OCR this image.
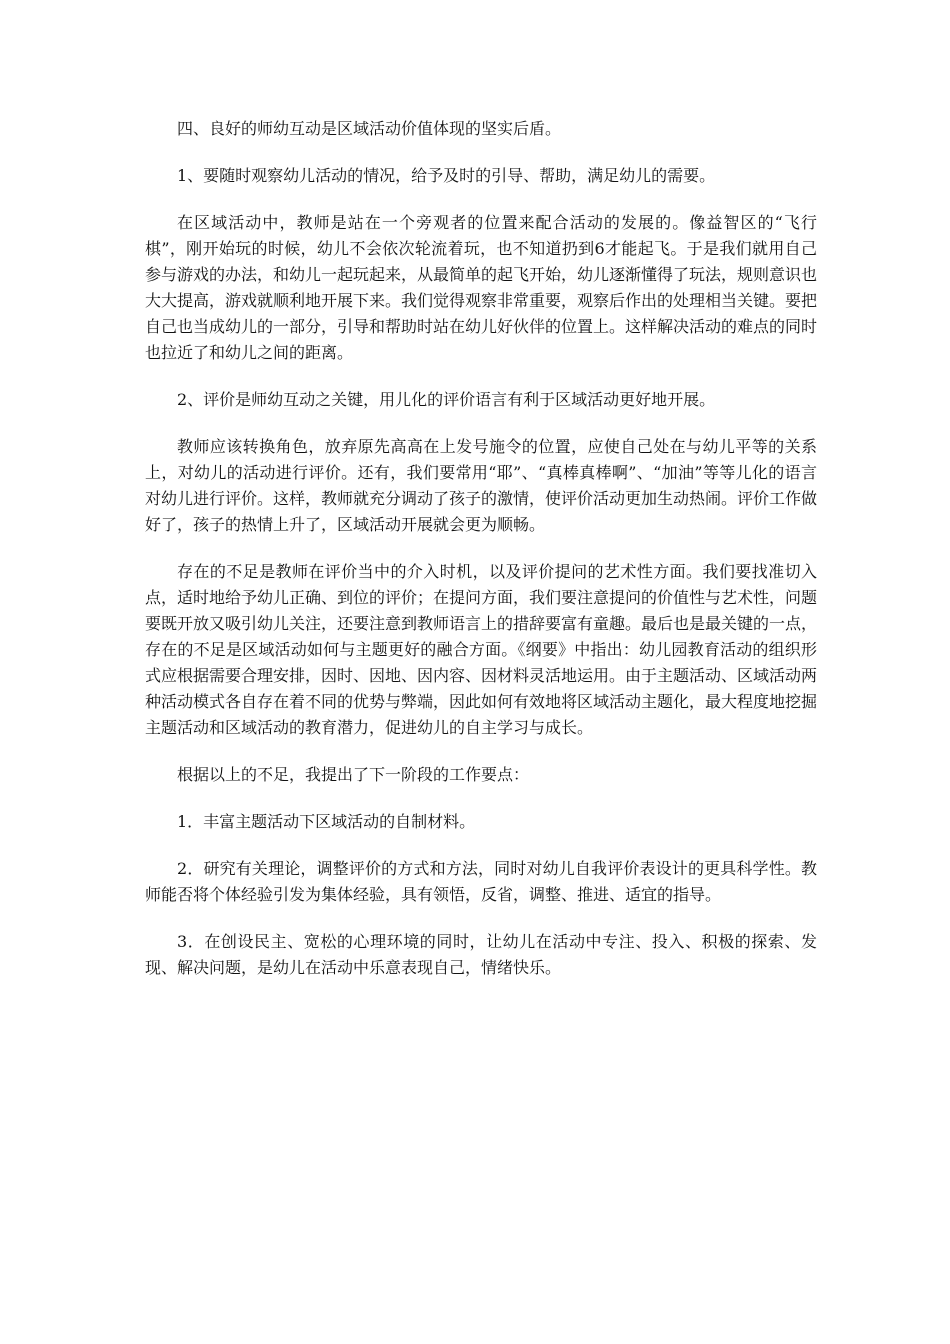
四、良好的师幼互动是区域活动价值体现的坚实后盾。

1、要随时观察幼儿活动的情况，给予及时的引导、帮助，满足幼儿的需要。

在区域活动中，教师是站在一个旁观者的位置来配合活动的发展的。像益智区的“飞行棋”，刚开始玩的时候，幼儿不会依次轮流着玩，也不知道扔到6才能起飞。于是我们就用自己参与游戏的办法，和幼儿一起玩起来，从最简单的起飞开始，幼儿逐渐懂得了玩法，规则意识也大大提高，游戏就顺利地开展下来。我们觉得观察非常重要，观察后作出的处理相当关键。要把自己也当成幼儿的一部分，引导和帮助时站在幼儿好伙伴的位置上。这样解决活动的难点的同时也拉近了和幼儿之间的距离。

2、评价是师幼互动之关键，用儿化的评价语言有利于区域活动更好地开展。

教师应该转换角色，放弃原先高高在上发号施令的位置，应使自己处在与幼儿平等的关系上，对幼儿的活动进行评价。还有，我们要常用“耶”、“真棒真棒啊”、“加油”等等儿化的语言对幼儿进行评价。这样，教师就充分调动了孩子的激情，使评价活动更加生动热闹。评价工作做好了，孩子的热情上升了，区域活动开展就会更为顺畅。

存在的不足是教师在评价当中的介入时机，以及评价提问的艺术性方面。我们要找准切入点，适时地给予幼儿正确、到位的评价；在提问方面，我们要注意提问的价值性与艺术性，问题要既开放又吸引幼儿关注，还要注意到教师语言上的措辞要富有童趣。最后也是最关键的一点，存在的不足是区域活动如何与主题更好的融合方面。《纲要》中指出：幼儿园教育活动的组织形式应根据需要合理安排，因时、因地、因内容、因材料灵活地运用。由于主题活动、区域活动两种活动模式各自存在着不同的优势与弊端，因此如何有效地将区域活动主题化，最大程度地挖掘主题活动和区域活动的教育潜力，促进幼儿的自主学习与成长。

根据以上的不足，我提出了下一阶段的工作要点：

1．丰富主题活动下区域活动的自制材料。

2．研究有关理论，调整评价的方式和方法，同时对幼儿自我评价表设计的更具科学性。教师能否将个体经验引发为集体经验，具有领悟，反省，调整、推进、适宜的指导。

3．在创设民主、宽松的心理环境的同时，让幼儿在活动中专注、投入、积极的探索、发现、解决问题，是幼儿在活动中乐意表现自己，情绪快乐。
